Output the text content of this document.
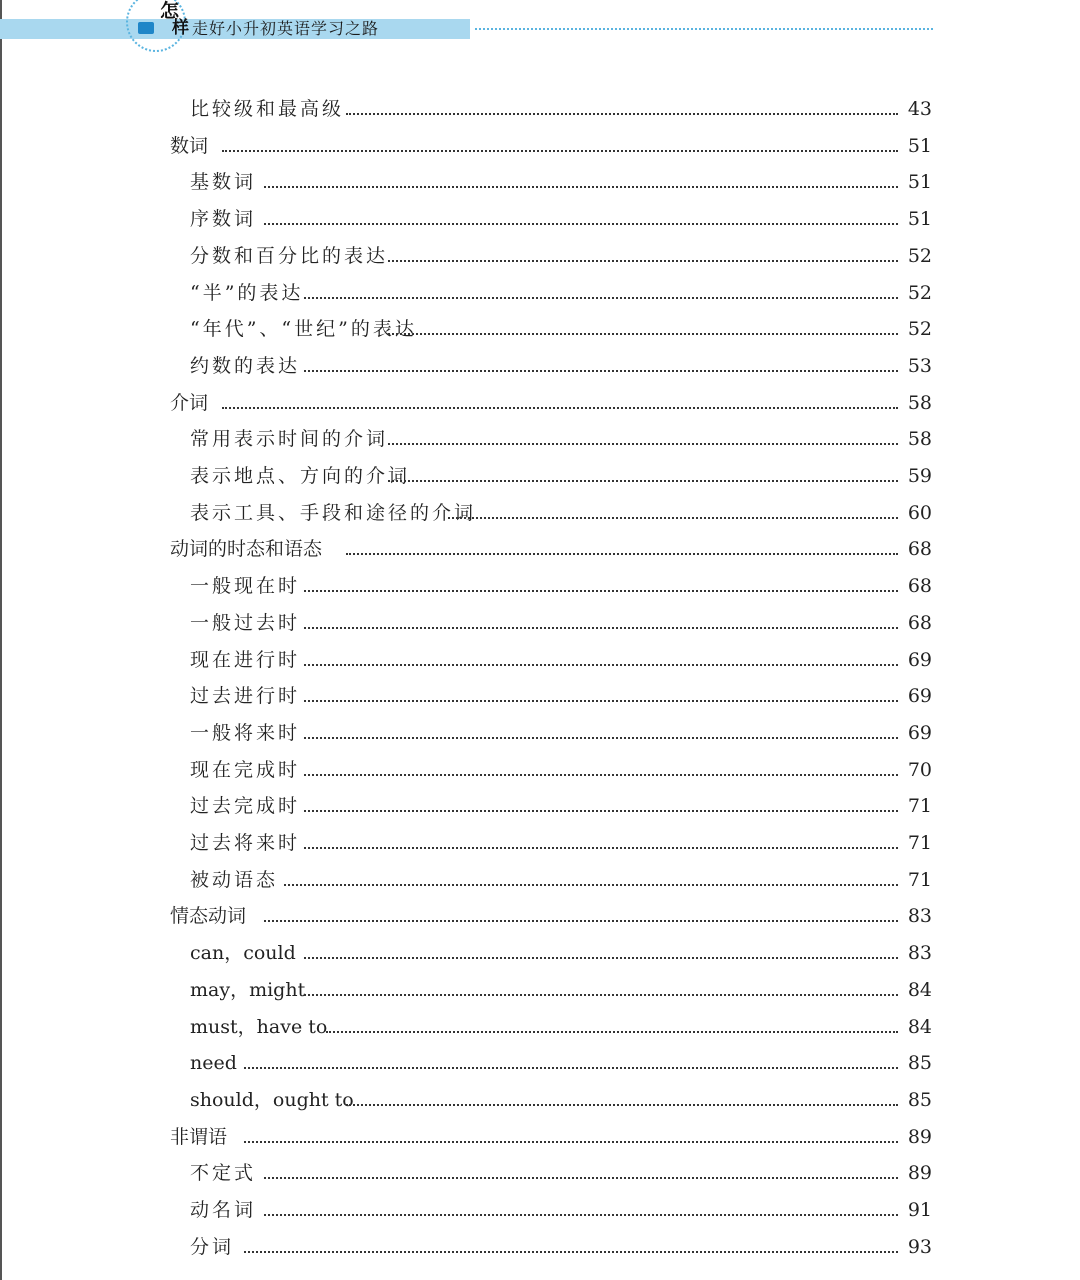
怎
样 走好小升初英语学习之路
比较级和最高级	43
数词	51
基数词	51
序数词	51
分数和百分比的表达	52
“半”的表达	52
“年代”、“世纪”的表达	52
约数的表达	53
介词	58
常用表示时间的介词	58
表示地点、方向的介词	59
表示工具、手段和途径的介词	60
动词的时态和语态	68
一般现在时	68
一般过去时	68
现在进行时	69
过去进行时	69
一般将来时	69
现在完成时	70
过去完成时	71
过去将来时	71
被动语态	71
情态动词	83
can，could	83
may，might	84
must，have to	84
need	85
should，ought to	85
非谓语	89
不定式	89
动名词	91
分词	93
